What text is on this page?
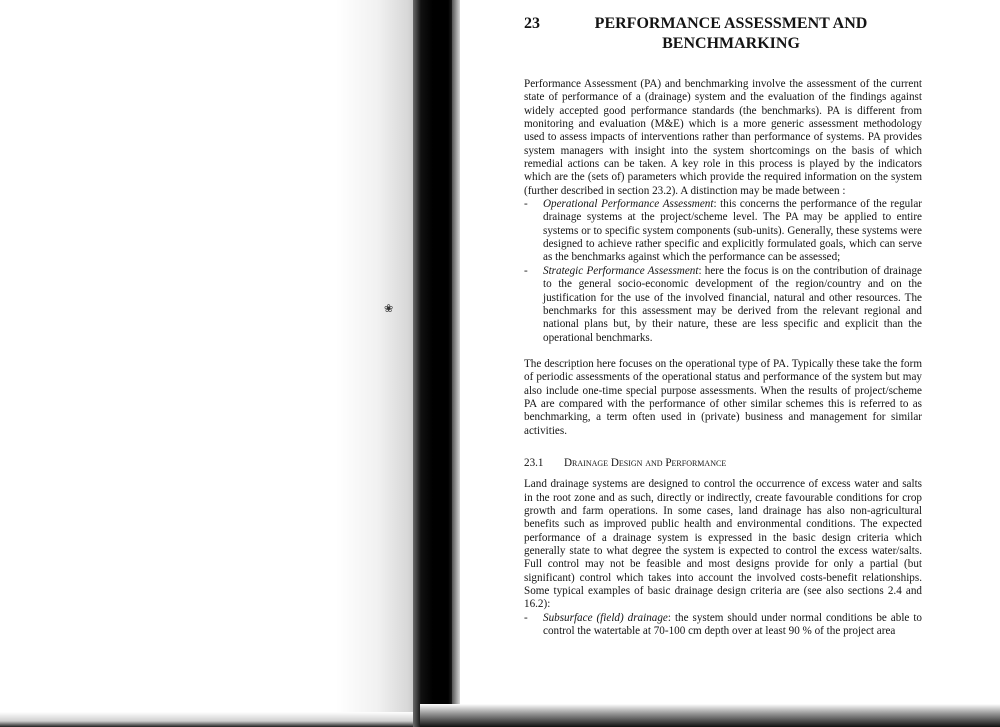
❀
23	PERFORMANCE ASSESSMENT AND
BENCHMARKING

Performance Assessment (PA) and benchmarking involve the assessment of the current state of performance of a (drainage) system and the evaluation of the findings against widely accepted good performance standards (the benchmarks). PA is different from monitoring and evaluation (M&E) which is a more generic assessment methodology used to assess impacts of interventions rather than performance of systems. PA provides system managers with insight into the system shortcomings on the basis of which remedial actions can be taken. A key role in this process is played by the indicators which are the (sets of) parameters which provide the required information on the system (further described in section 23.2). A distinction may be made between :

- Operational Performance Assessment: this concerns the performance of the regular drainage systems at the project/scheme level. The PA may be applied to entire systems or to specific system components (sub-units). Generally, these systems were designed to achieve rather specific and explicitly formulated goals, which can serve as the benchmarks against which the performance can be assessed;
- Strategic Performance Assessment: here the focus is on the contribution of drainage to the general socio-economic development of the region/country and on the justification for the use of the involved financial, natural and other resources. The benchmarks for this assessment may be derived from the relevant regional and national plans but, by their nature, these are less specific and explicit than the operational benchmarks.

The description here focuses on the operational type of PA. Typically these take the form of periodic assessments of the operational status and performance of the system but may also include one-time special purpose assessments. When the results of project/scheme PA are compared with the performance of other similar schemes this is referred to as benchmarking, a term often used in (private) business and management for similar activities.

23.1 Drainage Design and Performance

Land drainage systems are designed to control the occurrence of excess water and salts in the root zone and as such, directly or indirectly, create favourable conditions for crop growth and farm operations. In some cases, land drainage has also non-agricultural benefits such as improved public health and environmental conditions. The expected performance of a drainage system is expressed in the basic design criteria which generally state to what degree the system is expected to control the excess water/salts. Full control may not be feasible and most designs provide for only a partial (but significant) control which takes into account the involved costs-benefit relationships. Some typical examples of basic drainage design criteria are (see also sections 2.4 and 16.2):

- Subsurface (field) drainage: the system should under normal conditions be able to control the watertable at 70-100 cm depth over at least 90 % of the project area
